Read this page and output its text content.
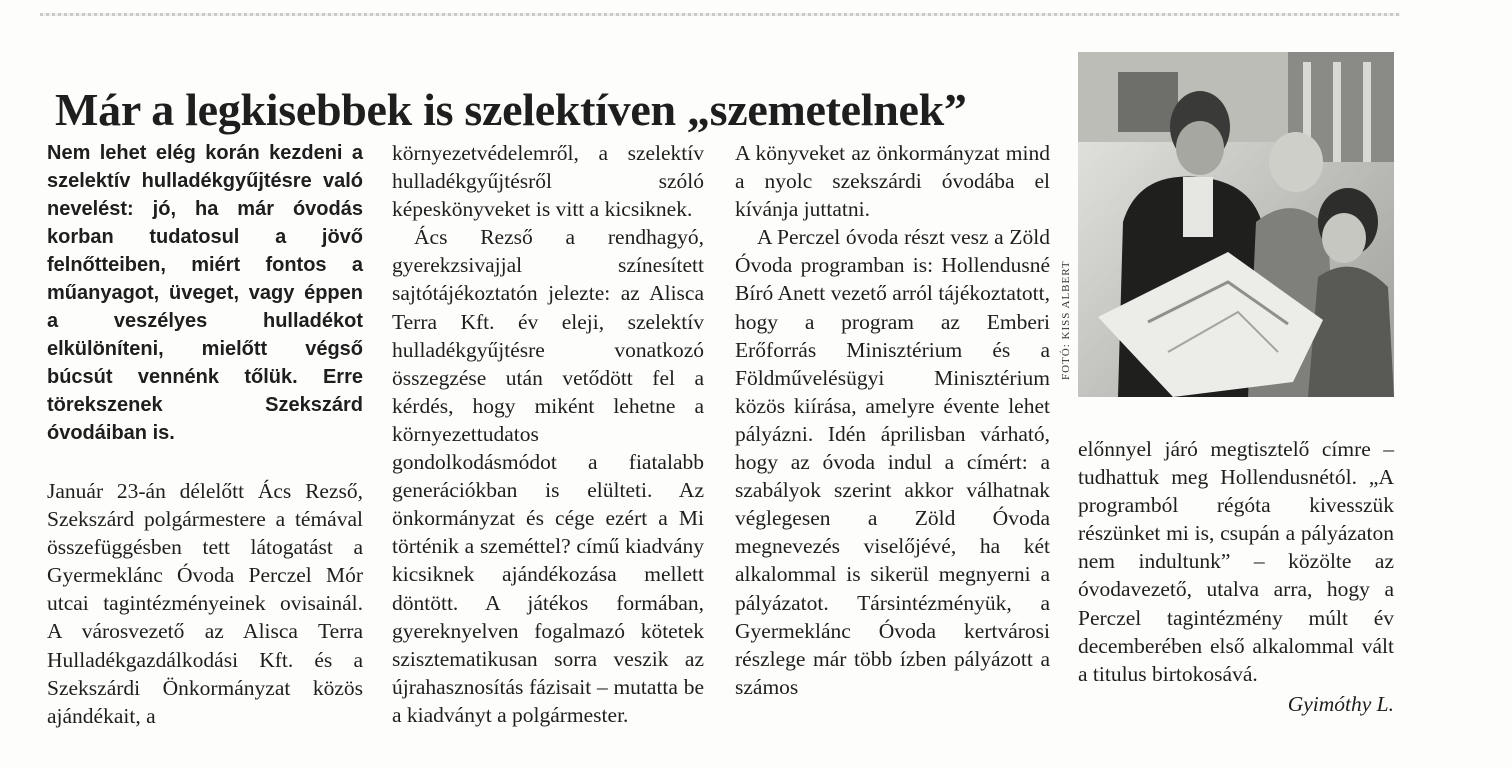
Már a legkisebbek is szelektíven „szemetelnek”

Nem lehet elég korán kezdeni a szelektív hulladékgyűjtésre való nevelést: jó, ha már óvodás korban tudatosul a jövő felnőtteiben, miért fontos a műanyagot, üveget, vagy éppen a veszélyes hulladékot elkülöníteni, mielőtt végső búcsút vennénk tőlük. Erre törekszenek Szekszárd óvodáiban is.

Január 23-án délelőtt Ács Rezső, Szekszárd polgármestere a témával összefüggésben tett látogatást a Gyermeklánc Óvoda Perczel Mór utcai tagintézményeinek ovisainál. A városvezető az Alisca Terra Hulladékgazdálkodási Kft. és a Szekszárdi Önkormányzat közös ajándékait, a

környezetvédelemről, a szelektív hulladékgyűjtésről szóló képeskönyveket is vitt a kicsiknek.

Ács Rezső a rendhagyó, gyerekzsivajjal színesített sajtótájékoztatón jelezte: az Alisca Terra Kft. év eleji, szelektív hulladékgyűjtésre vonatkozó összegzése után vetődött fel a kérdés, hogy miként lehetne a környezettudatos gondolkodásmódot a fiatalabb generációkban is elülteti. Az önkormányzat és cége ezért a Mi történik a szeméttel? című kiadvány kicsiknek ajándékozása mellett döntött. A játékos formában, gyereknyelven fogalmazó kötetek szisztematikusan sorra veszik az újrahasznosítás fázisait – mutatta be a kiadványt a polgármester.

A könyveket az önkormányzat mind a nyolc szekszárdi óvodába el kívánja juttatni.

A Perczel óvoda részt vesz a Zöld Óvoda programban is: Hollendusné Bíró Anett vezető arról tájékoztatott, hogy a program az Emberi Erőforrás Minisztérium és a Földművelésügyi Minisztérium közös kiírása, amelyre évente lehet pályázni. Idén áprilisban várható, hogy az óvoda indul a címért: a szabályok szerint akkor válhatnak véglegesen a Zöld Óvoda megnevezés viselőjévé, ha két alkalommal is sikerül megnyerni a pályázatot. Társintézményük, a Gyermeklánc Óvoda kertvárosi részlege már több ízben pályázott a számos

előnnyel járó megtisztelő címre – tudhattuk meg Hollendusnétól. „A programból régóta kivesszük részünket mi is, csupán a pályázaton nem indultunk” – közölte az óvodavezető, utalva arra, hogy a Perczel tagintézmény múlt év decemberében első alkalommal vált a titulus birtokosává.

Gyimóthy L.

FOTÓ: KISS ALBERT
